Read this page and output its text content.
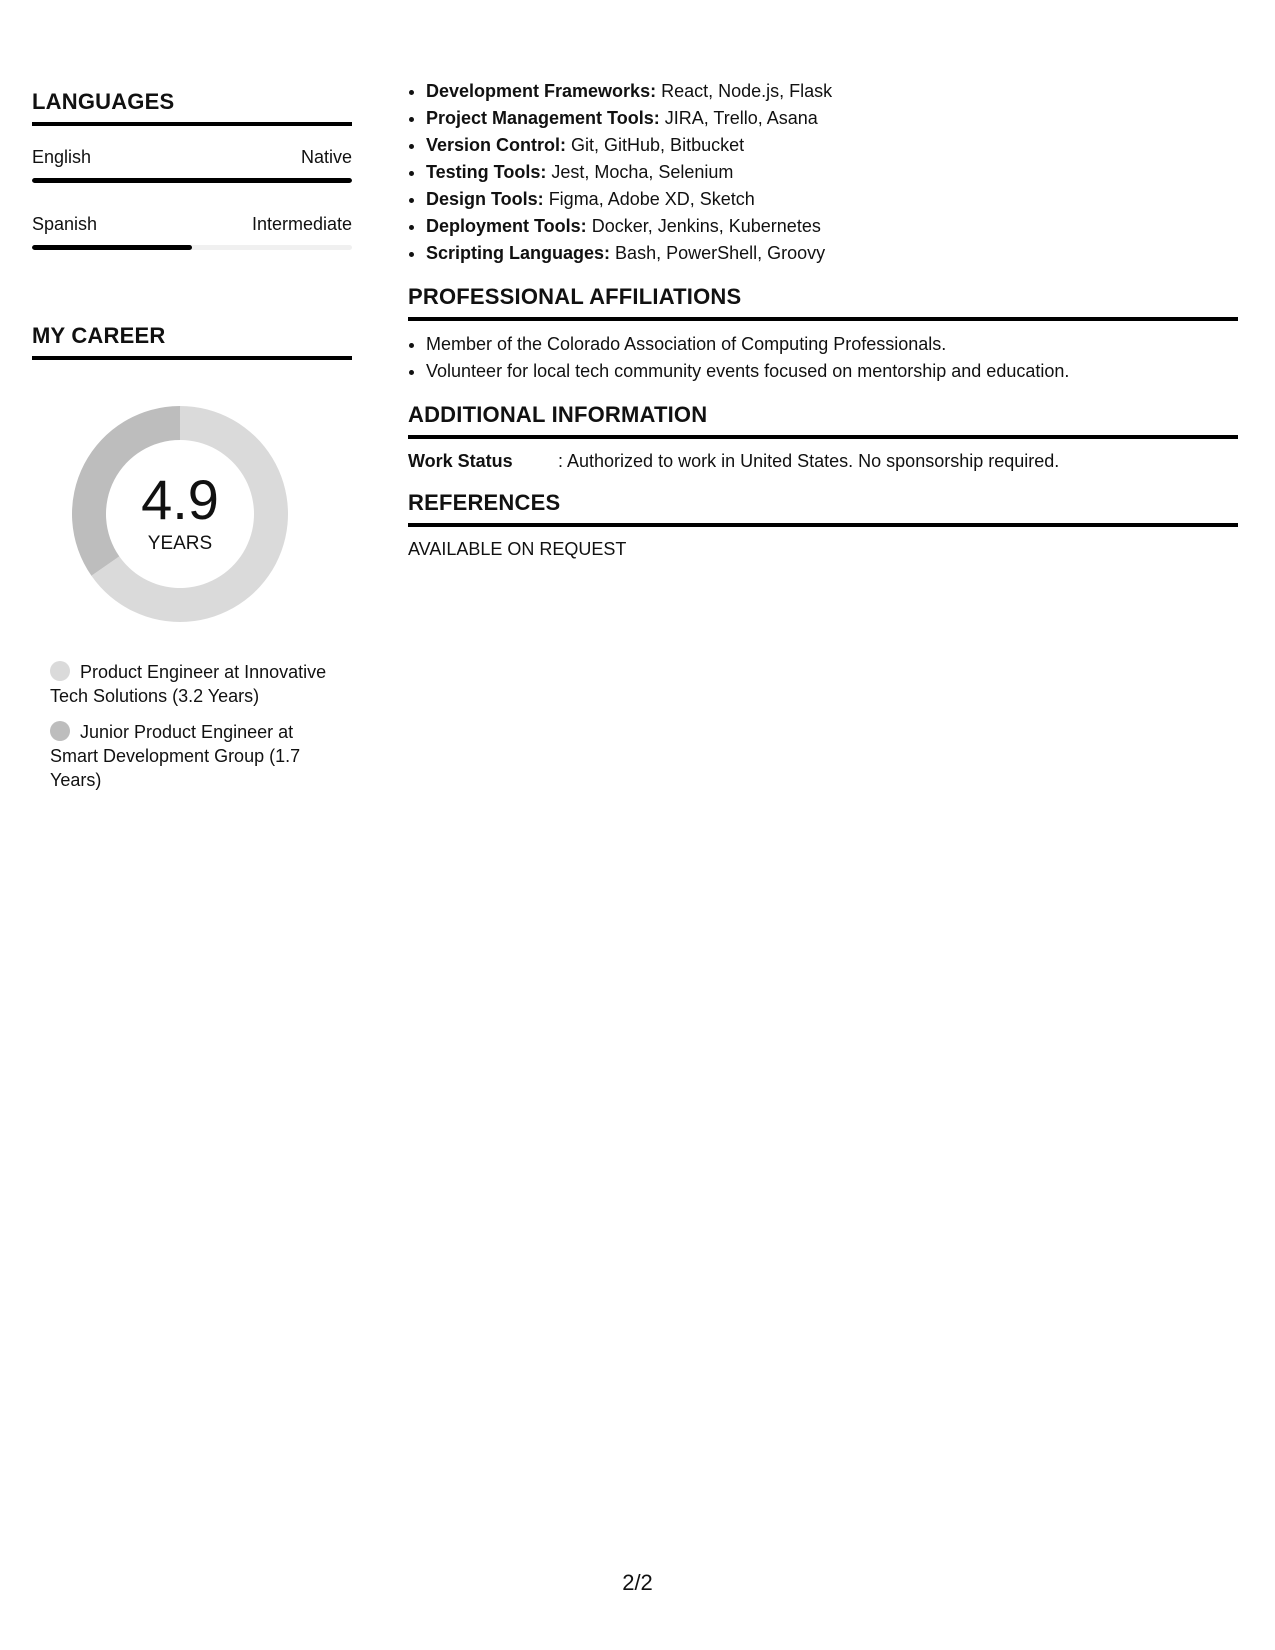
LANGUAGES
English	Native
Spanish	Intermediate
MY CAREER
4.9
YEARS
Product Engineer at Innovative Tech Solutions (3.2 Years)
Junior Product Engineer at Smart Development Group (1.7 Years)
• Development Frameworks: React, Node.js, Flask
• Project Management Tools: JIRA, Trello, Asana
• Version Control: Git, GitHub, Bitbucket
• Testing Tools: Jest, Mocha, Selenium
• Design Tools: Figma, Adobe XD, Sketch
• Deployment Tools: Docker, Jenkins, Kubernetes
• Scripting Languages: Bash, PowerShell, Groovy
PROFESSIONAL AFFILIATIONS
• Member of the Colorado Association of Computing Professionals.
• Volunteer for local tech community events focused on mentorship and education.
ADDITIONAL INFORMATION
Work Status	: Authorized to work in United States. No sponsorship required.
REFERENCES
AVAILABLE ON REQUEST
2/2
